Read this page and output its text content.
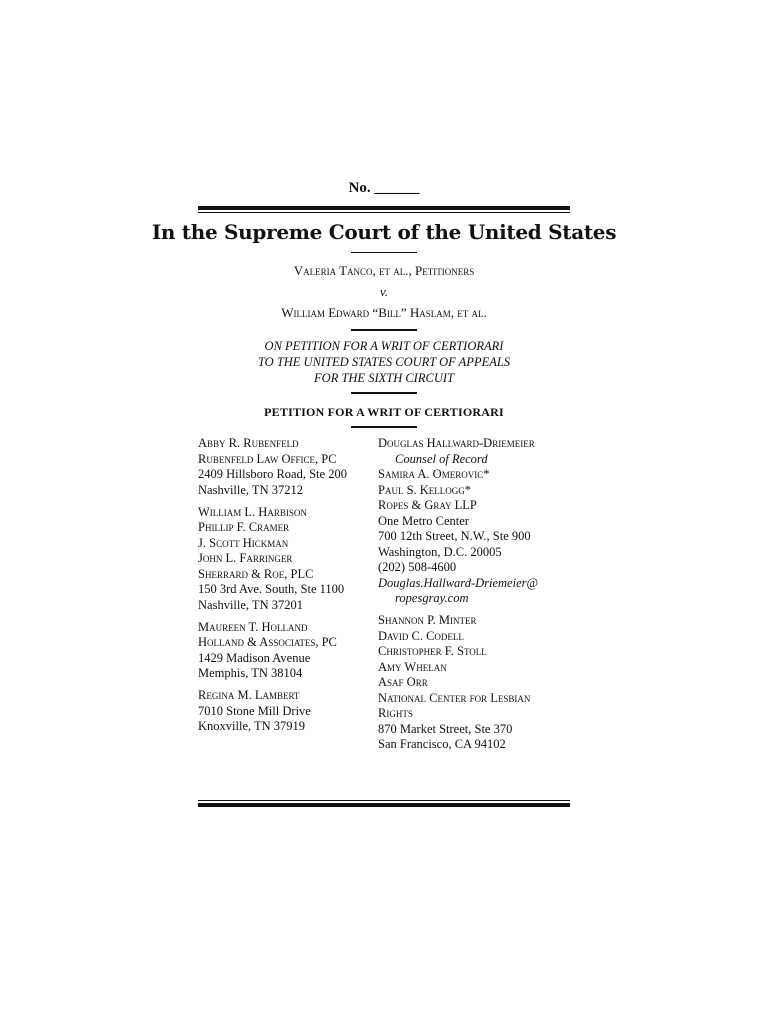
No. ______
In the Supreme Court of the United States
Valeria Tanco, et al., Petitioners
v.
William Edward “Bill” Haslam, et al.
ON PETITION FOR A WRIT OF CERTIORARI
TO THE UNITED STATES COURT OF APPEALS
FOR THE SIXTH CIRCUIT
PETITION FOR A WRIT OF CERTIORARI
Abby R. Rubenfeld
Rubenfeld Law Office, PC
2409 Hillsboro Road, Ste 200
Nashville, TN 37212
William L. Harbison
Phillip F. Cramer
J. Scott Hickman
John L. Farringer
Sherrard & Roe, PLC
150 3rd Ave. South, Ste 1100
Nashville, TN 37201
Maureen T. Holland
Holland & Associates, PC
1429 Madison Avenue
Memphis, TN 38104
Regina M. Lambert
7010 Stone Mill Drive
Knoxville, TN 37919
Douglas Hallward-Driemeier
Counsel of Record
Samira A. Omerovic*
Paul S. Kellogg*
Ropes & Gray LLP
One Metro Center
700 12th Street, N.W., Ste 900
Washington, D.C. 20005
(202) 508-4600
Douglas.Hallward-Driemeier@
ropesgray.com
Shannon P. Minter
David C. Codell
Christopher F. Stoll
Amy Whelan
Asaf Orr
National Center for Lesbian
Rights
870 Market Street, Ste 370
San Francisco, CA 94102
